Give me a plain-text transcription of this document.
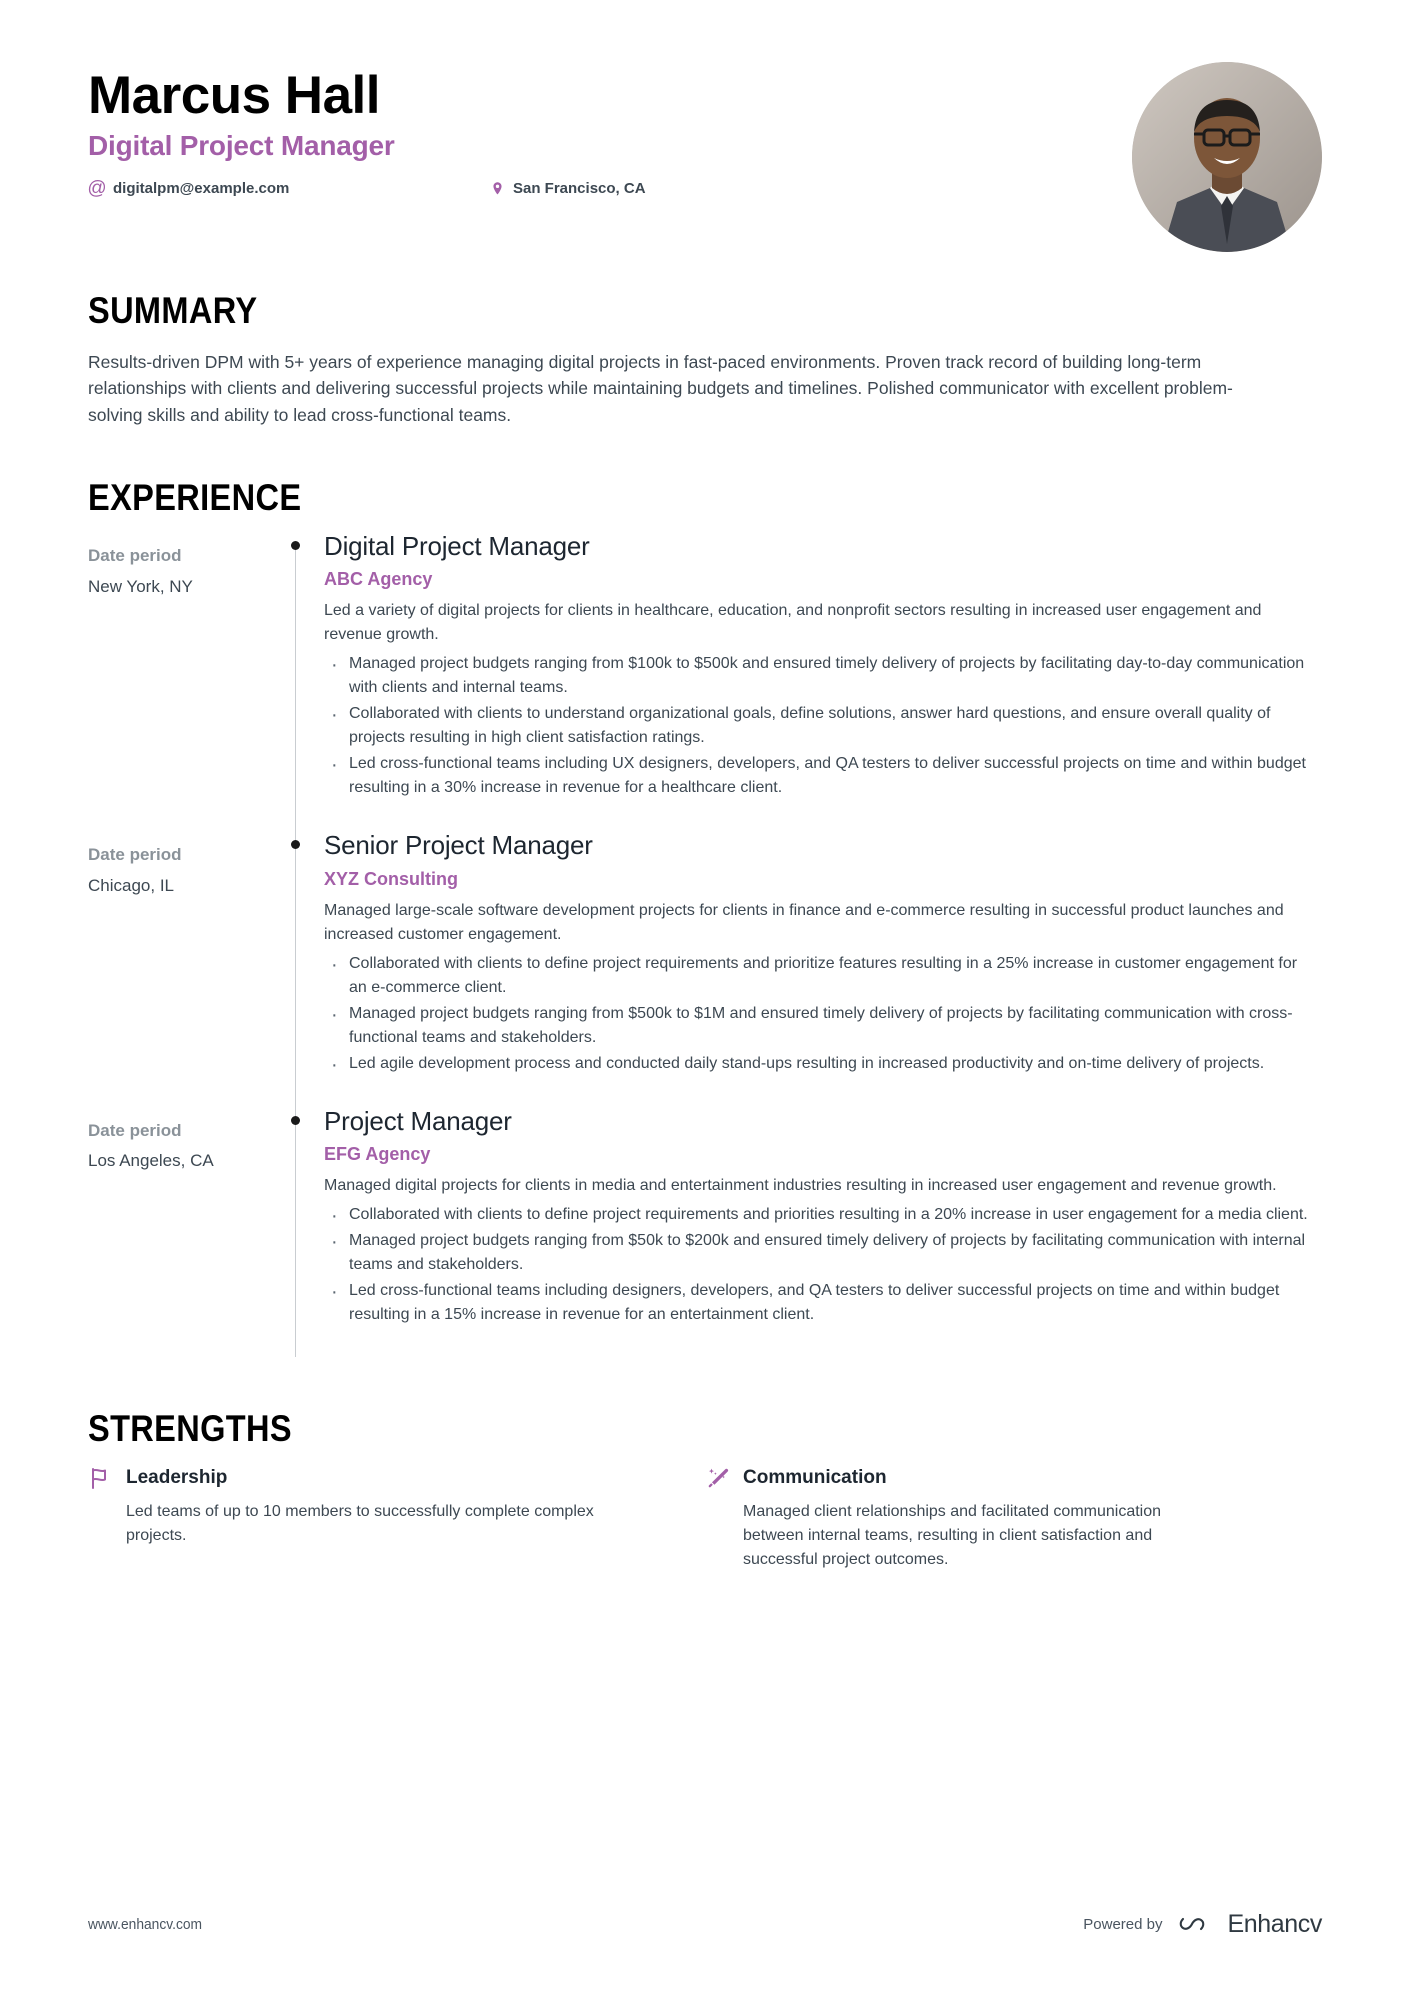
Marcus Hall
Digital Project Manager
@ digitalpm@example.com	San Francisco, CA
SUMMARY

Results-driven DPM with 5+ years of experience managing digital projects in fast-paced environments. Proven track record of building long-term relationships with clients and delivering successful projects while maintaining budgets and timelines. Polished communicator with excellent problem-solving skills and ability to lead cross-functional teams.

EXPERIENCE
Date period
New York, NY
Digital Project Manager
ABC Agency
Led a variety of digital projects for clients in healthcare, education, and nonprofit sectors resulting in increased user engagement and revenue growth.
· Managed project budgets ranging from $100k to $500k and ensured timely delivery of projects by facilitating day-to-day communication with clients and internal teams.
· Collaborated with clients to understand organizational goals, define solutions, answer hard questions, and ensure overall quality of projects resulting in high client satisfaction ratings.
· Led cross-functional teams including UX designers, developers, and QA testers to deliver successful projects on time and within budget resulting in a 30% increase in revenue for a healthcare client.
Date period
Chicago, IL
Senior Project Manager
XYZ Consulting
Managed large-scale software development projects for clients in finance and e-commerce resulting in successful product launches and increased customer engagement.
· Collaborated with clients to define project requirements and prioritize features resulting in a 25% increase in customer engagement for an e-commerce client.
· Managed project budgets ranging from $500k to $1M and ensured timely delivery of projects by facilitating communication with cross-functional teams and stakeholders.
· Led agile development process and conducted daily stand-ups resulting in increased productivity and on-time delivery of projects.
Date period
Los Angeles, CA
Project Manager
EFG Agency
Managed digital projects for clients in media and entertainment industries resulting in increased user engagement and revenue growth.
· Collaborated with clients to define project requirements and priorities resulting in a 20% increase in user engagement for a media client.
· Managed project budgets ranging from $50k to $200k and ensured timely delivery of projects by facilitating communication with internal teams and stakeholders.
· Led cross-functional teams including designers, developers, and QA testers to deliver successful projects on time and within budget resulting in a 15% increase in revenue for an entertainment client.
STRENGTHS
Leadership
Led teams of up to 10 members to successfully complete complex projects.
Communication
Managed client relationships and facilitated communication between internal teams, resulting in client satisfaction and successful project outcomes.
www.enhancv.com	Powered by	Enhancv
